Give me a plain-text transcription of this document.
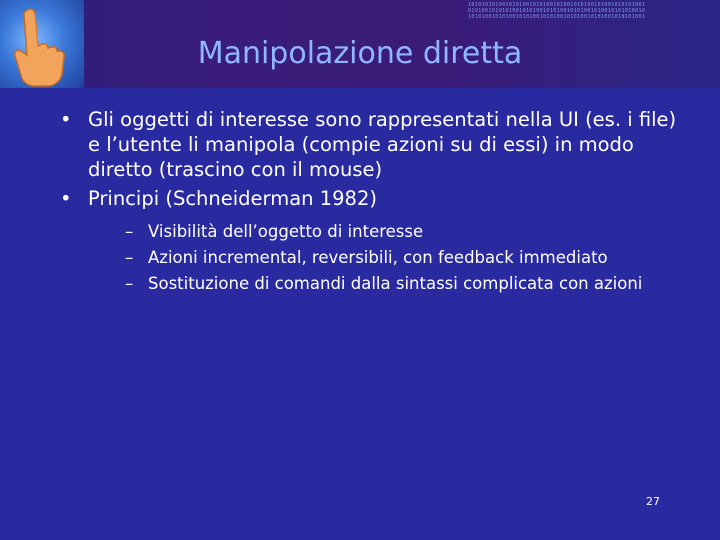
1010101010010101001010100101001010100101001010101001
0101001010101001010100101010010101001010010101010010
1010100101010010101001010100101010010101001010101001
Manipolazione diretta
• Gli oggetti di interesse sono rappresentati nella UI (es. i file) e l’utente li manipola (compie azioni su di essi) in modo diretto (trascino con il mouse)
• Principi (Schneiderman 1982)
– Visibilità dell’oggetto di interesse
– Azioni incremental, reversibili, con feedback immediato
– Sostituzione di comandi dalla sintassi complicata con azioni
27
